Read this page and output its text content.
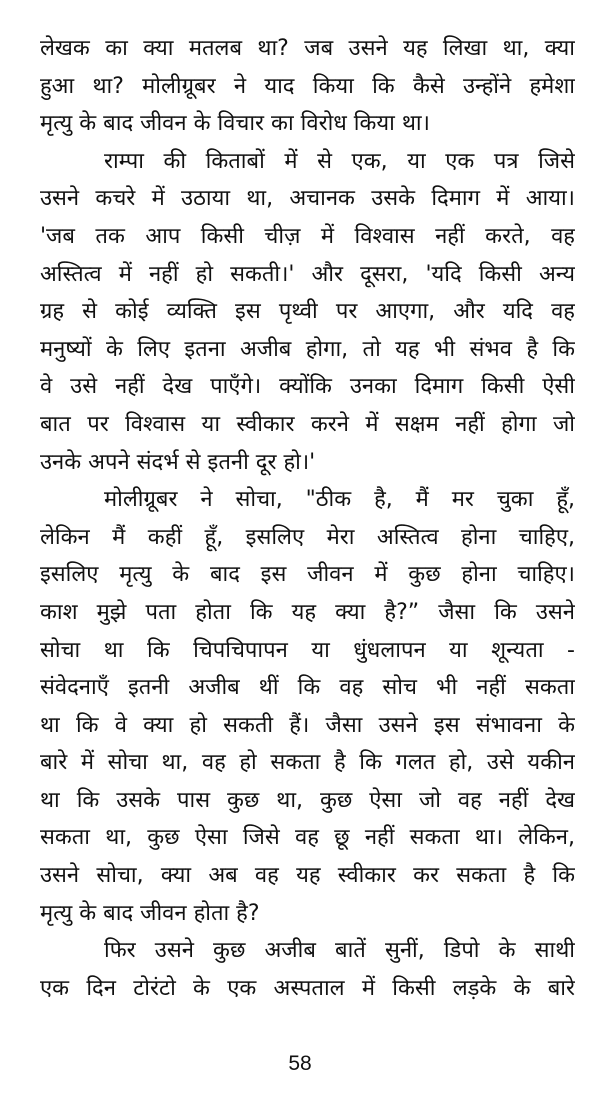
लेखक का क्या मतलब था? जब उसने यह लिखा था, क्या
हुआ था? मोलीग्रूबर ने याद किया कि कैसे उन्होंने हमेशा
मृत्यु के बाद जीवन के विचार का विरोध किया था।
राम्पा की किताबों में से एक, या एक पत्र जिसे
उसने कचरे में उठाया था, अचानक उसके दिमाग में आया।
'जब तक आप किसी चीज़ में विश्वास नहीं करते, वह
अस्तित्व में नहीं हो सकती।' और दूसरा, 'यदि किसी अन्य
ग्रह से कोई व्यक्ति इस पृथ्वी पर आएगा, और यदि वह
मनुष्यों के लिए इतना अजीब होगा, तो यह भी संभव है कि
वे उसे नहीं देख पाएँगे। क्योंकि उनका दिमाग किसी ऐसी
बात पर विश्वास या स्वीकार करने में सक्षम नहीं होगा जो
उनके अपने संदर्भ से इतनी दूर हो।'
मोलीग्रूबर ने सोचा, "ठीक है, मैं मर चुका हूँ,
लेकिन मैं कहीं हूँ, इसलिए मेरा अस्तित्व होना चाहिए,
इसलिए मृत्यु के बाद इस जीवन में कुछ होना चाहिए।
काश मुझे पता होता कि यह क्या है?” जैसा कि उसने
सोचा था कि चिपचिपापन या धुंधलापन या शून्यता -
संवेदनाएँ इतनी अजीब थीं कि वह सोच भी नहीं सकता
था कि वे क्या हो सकती हैं। जैसा उसने इस संभावना के
बारे में सोचा था, वह हो सकता है कि गलत हो, उसे यकीन
था कि उसके पास कुछ था, कुछ ऐसा जो वह नहीं देख
सकता था, कुछ ऐसा जिसे वह छू नहीं सकता था। लेकिन,
उसने सोचा, क्या अब वह यह स्वीकार कर सकता है कि
मृत्यु के बाद जीवन होता है?
फिर उसने कुछ अजीब बातें सुनीं, डिपो के साथी
एक दिन टोरंटो के एक अस्पताल में किसी लड़के के बारे
58
